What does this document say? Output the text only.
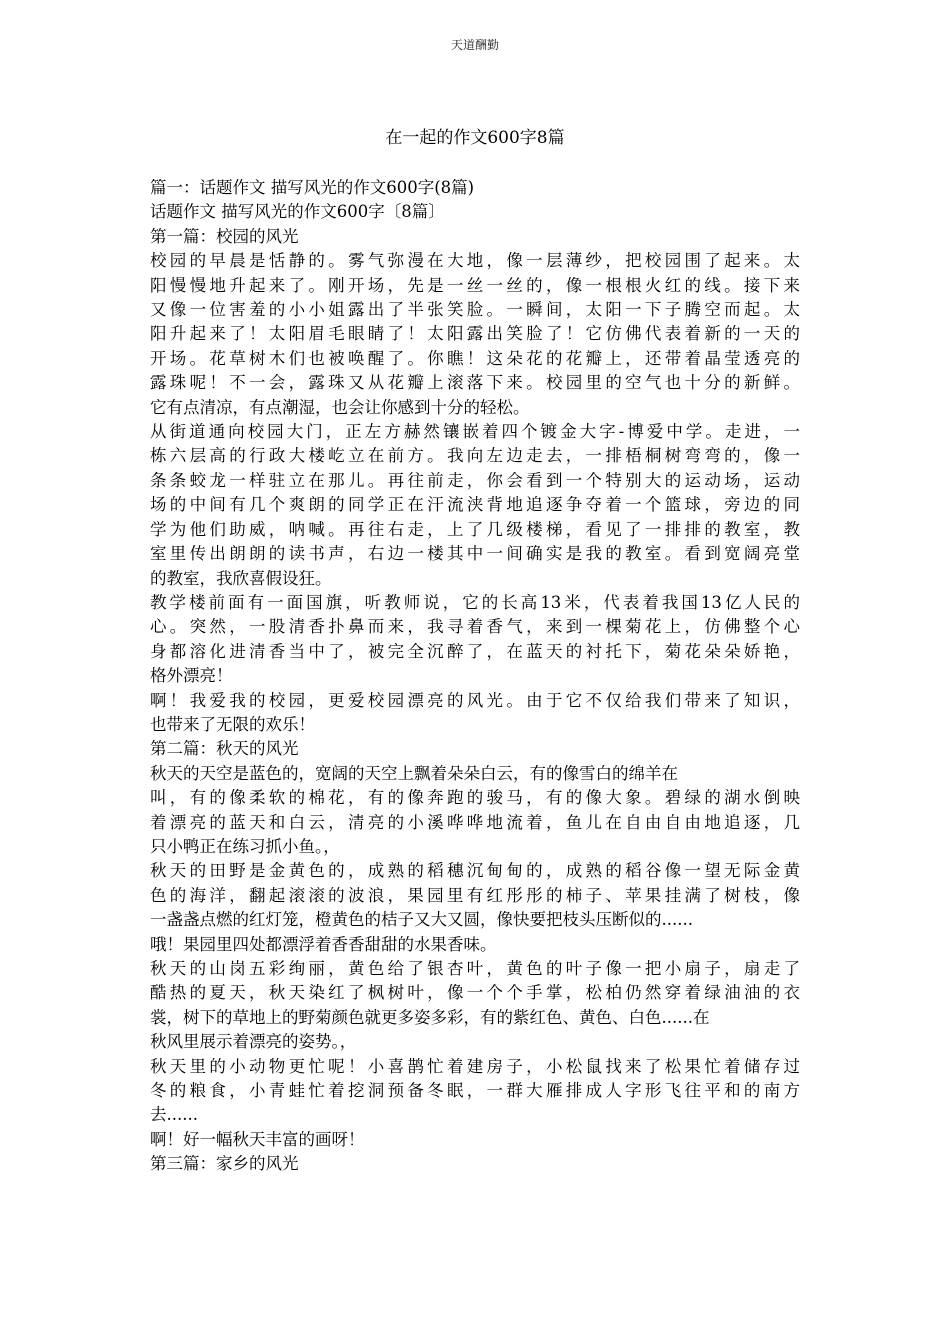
天道酬勤
在一起的作文600字8篇
篇一：话题作文 描写风光的作文600字(8篇)
话题作文 描写风光的作文600字〔8篇〕
第一篇：校园的风光
校园的早晨是恬静的。雾气弥漫在大地，像一层薄纱，把校园围了起来。太
阳慢慢地升起来了。刚开场，先是一丝一丝的，像一根根火红的线。接下来
又像一位害羞的小小姐露出了半张笑脸。一瞬间，太阳一下子腾空而起。太
阳升起来了！太阳眉毛眼睛了！太阳露出笑脸了！它仿佛代表着新的一天的
开场。花草树木们也被唤醒了。你瞧！这朵花的花瓣上，还带着晶莹透亮的
露珠呢！不一会，露珠又从花瓣上滚落下来。校园里的空气也十分的新鲜。
它有点清凉，有点潮湿，也会让你感到十分的轻松。
从街道通向校园大门，正左方赫然镶嵌着四个镀金大字-博爱中学。走进，一
栋六层高的行政大楼屹立在前方。我向左边走去，一排梧桐树弯弯的，像一
条条蛟龙一样驻立在那儿。再往前走，你会看到一个特别大的运动场，运动
场的中间有几个爽朗的同学正在汗流浃背地追逐争夺着一个篮球，旁边的同
学为他们助威，呐喊。再往右走，上了几级楼梯，看见了一排排的教室，教
室里传出朗朗的读书声，右边一楼其中一间确实是我的教室。看到宽阔亮堂
的教室，我欣喜假设狂。
教学楼前面有一面国旗，听教师说，它的长高13米，代表着我国13亿人民的
心。突然，一股清香扑鼻而来，我寻着香气，来到一棵菊花上，仿佛整个心
身都溶化进清香当中了，被完全沉醉了，在蓝天的衬托下，菊花朵朵娇艳，
格外漂亮！
啊！我爱我的校园，更爱校园漂亮的风光。由于它不仅给我们带来了知识，
也带来了无限的欢乐！
第二篇：秋天的风光
秋天的天空是蓝色的，宽阔的天空上飘着朵朵白云，有的像雪白的绵羊在
叫，有的像柔软的棉花，有的像奔跑的骏马，有的像大象。碧绿的湖水倒映
着漂亮的蓝天和白云，清亮的小溪哗哗地流着，鱼儿在自由自由地追逐，几
只小鸭正在练习抓小鱼。，
秋天的田野是金黄色的，成熟的稻穗沉甸甸的，成熟的稻谷像一望无际金黄
色的海洋，翻起滚滚的波浪，果园里有红彤彤的柿子、苹果挂满了树枝，像
一盏盏点燃的红灯笼，橙黄色的桔子又大又圆，像快要把枝头压断似的......
哦！果园里四处都漂浮着香香甜甜的水果香味。
秋天的山岗五彩绚丽，黄色给了银杏叶，黄色的叶子像一把小扇子，扇走了
酷热的夏天，秋天染红了枫树叶，像一个个手掌，松柏仍然穿着绿油油的衣
裳，树下的草地上的野菊颜色就更多姿多彩，有的紫红色、黄色、白色......在
秋风里展示着漂亮的姿势。，
秋天里的小动物更忙呢！小喜鹊忙着建房子，小松鼠找来了松果忙着储存过
冬的粮食，小青蛙忙着挖洞预备冬眠，一群大雁排成人字形飞往平和的南方
去......
啊！好一幅秋天丰富的画呀！
第三篇：家乡的风光
